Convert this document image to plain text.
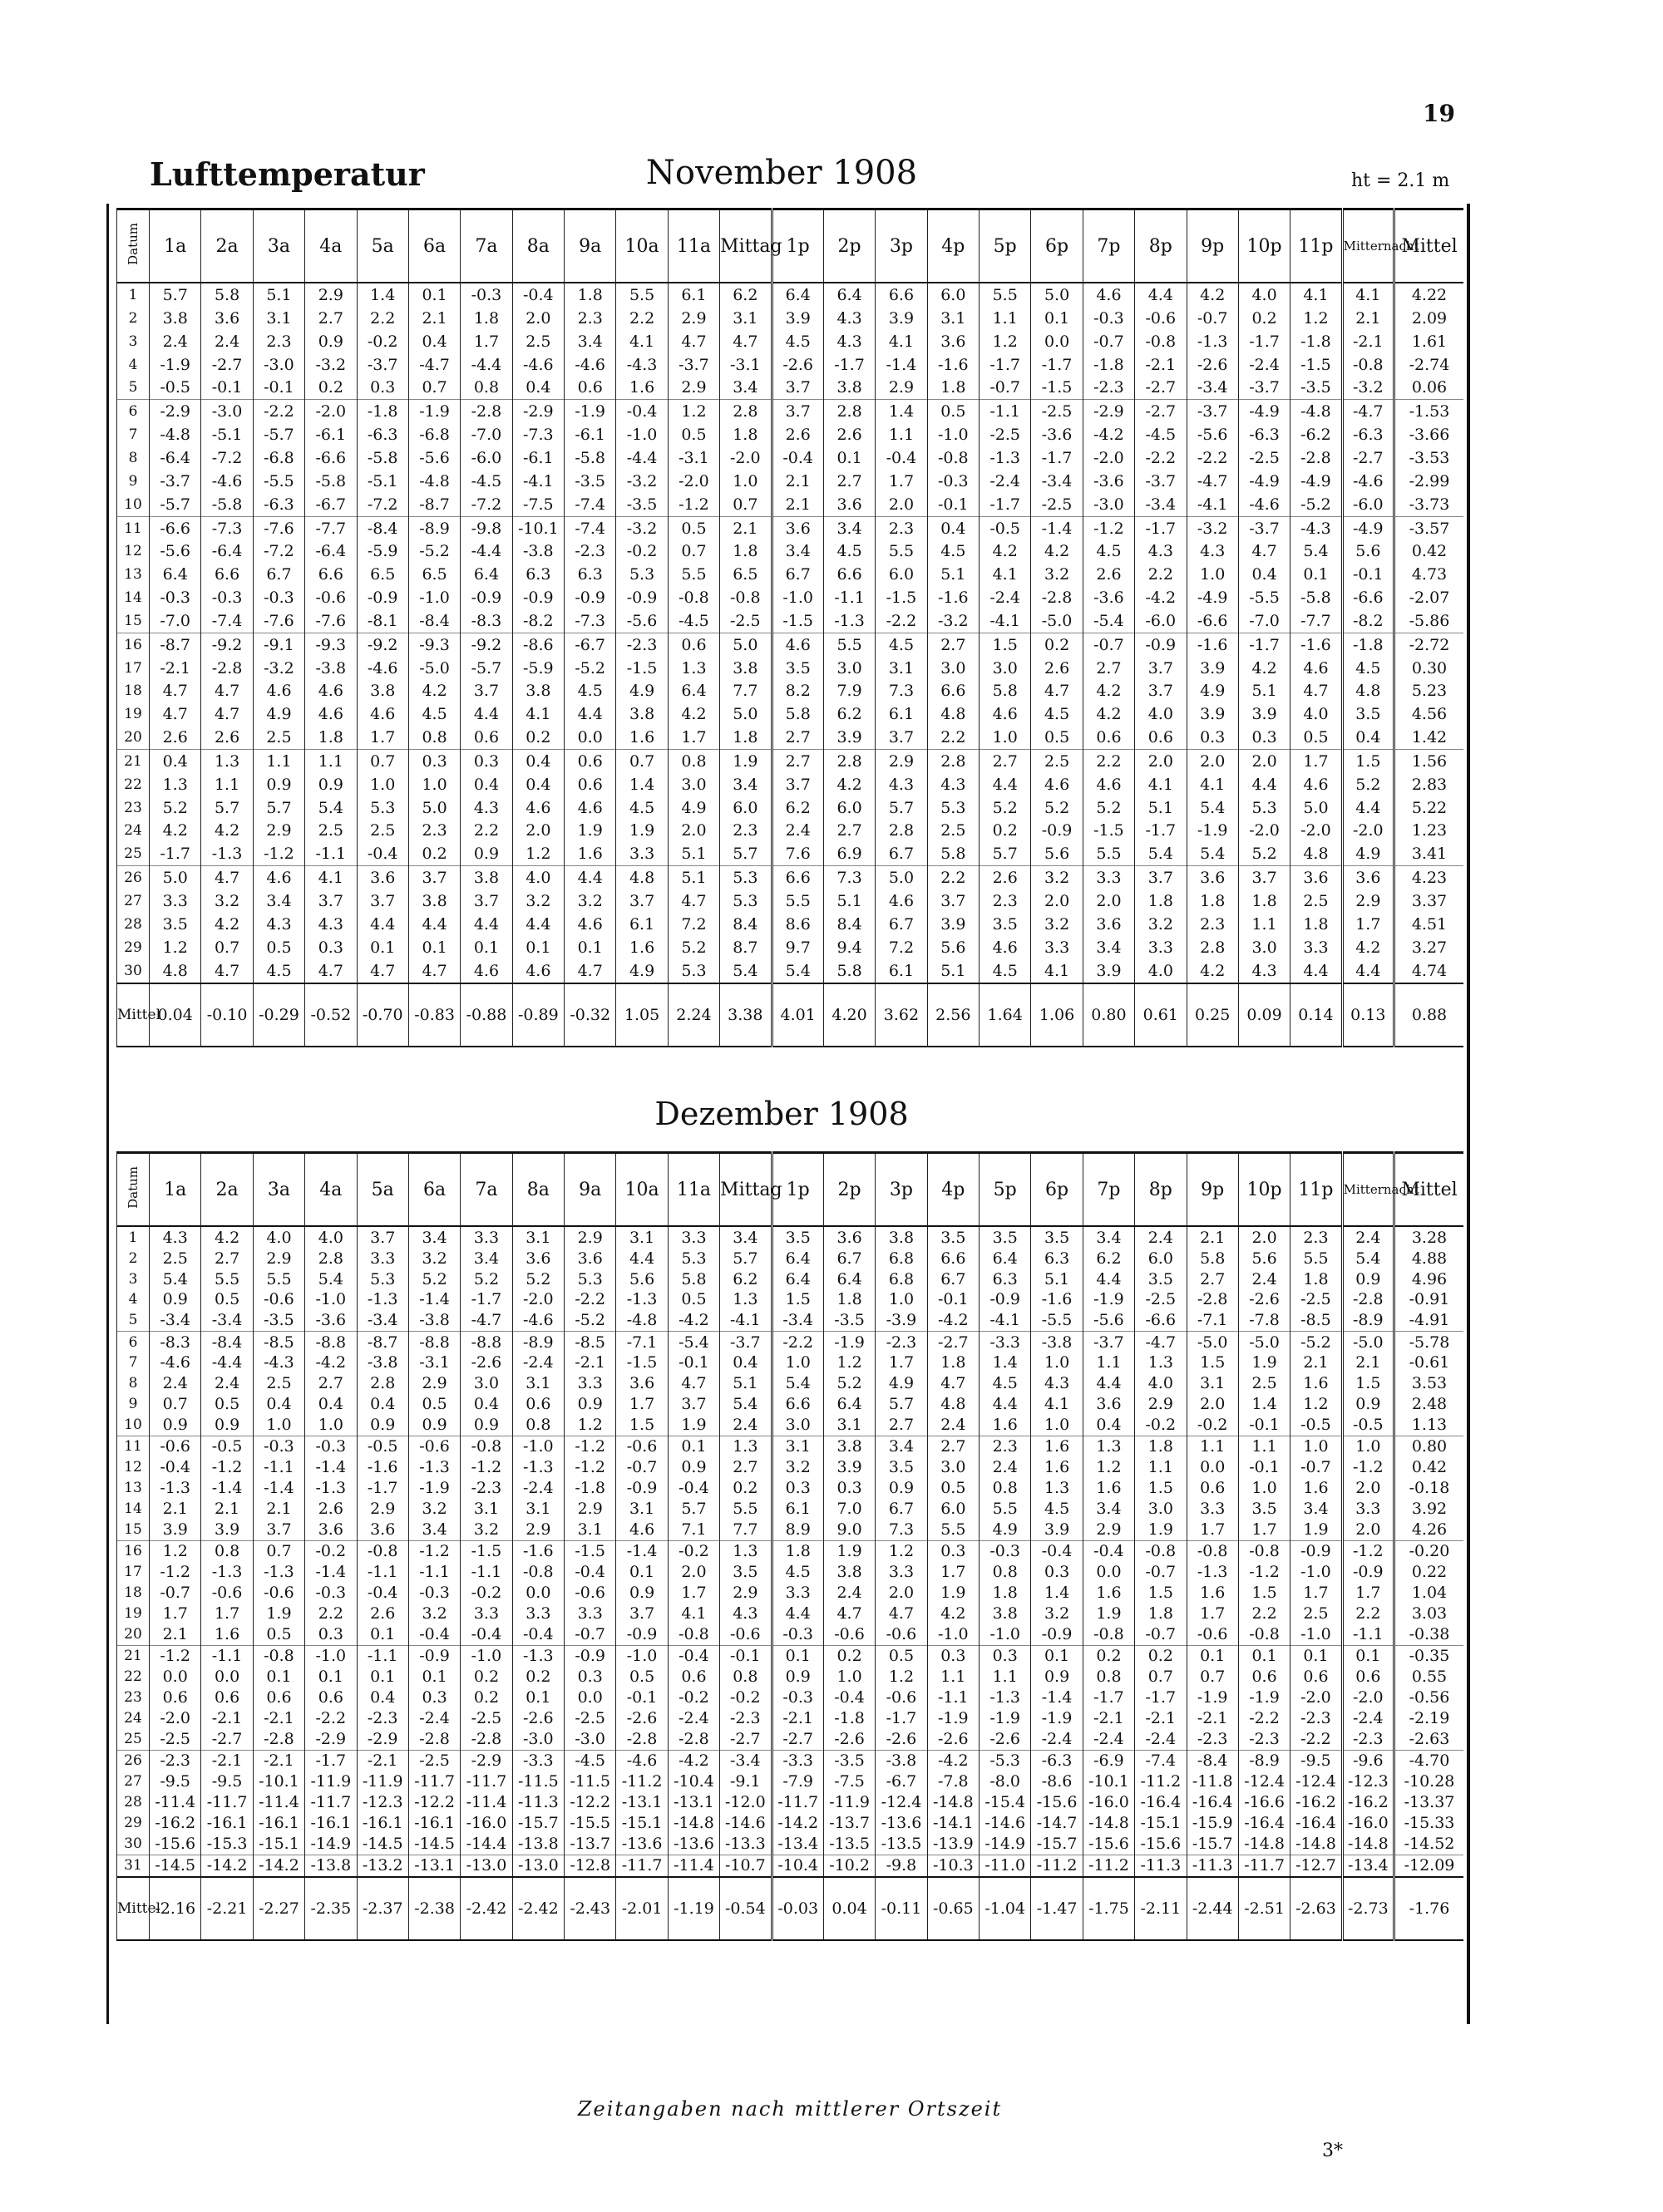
19
Lufttemperatur	November 1908	ht = 2.1 m
Datum	1a	2a	3a	4a	5a	6a	7a	8a	9a	10a	11a	Mittag	1p	2p	3p	4p	5p	6p	7p	8p	9p	10p	11p	Mitternacht	Mittel
1	5.7	5.8	5.1	2.9	1.4	0.1	-0.3	-0.4	1.8	5.5	6.1	6.2	6.4	6.4	6.6	6.0	5.5	5.0	4.6	4.4	4.2	4.0	4.1	4.1	4.22
2	3.8	3.6	3.1	2.7	2.2	2.1	1.8	2.0	2.3	2.2	2.9	3.1	3.9	4.3	3.9	3.1	1.1	0.1	-0.3	-0.6	-0.7	0.2	1.2	2.1	2.09
3	2.4	2.4	2.3	0.9	-0.2	0.4	1.7	2.5	3.4	4.1	4.7	4.7	4.5	4.3	4.1	3.6	1.2	0.0	-0.7	-0.8	-1.3	-1.7	-1.8	-2.1	1.61
4	-1.9	-2.7	-3.0	-3.2	-3.7	-4.7	-4.4	-4.6	-4.6	-4.3	-3.7	-3.1	-2.6	-1.7	-1.4	-1.6	-1.7	-1.7	-1.8	-2.1	-2.6	-2.4	-1.5	-0.8	-2.74
5	-0.5	-0.1	-0.1	0.2	0.3	0.7	0.8	0.4	0.6	1.6	2.9	3.4	3.7	3.8	2.9	1.8	-0.7	-1.5	-2.3	-2.7	-3.4	-3.7	-3.5	-3.2	0.06
6	-2.9	-3.0	-2.2	-2.0	-1.8	-1.9	-2.8	-2.9	-1.9	-0.4	1.2	2.8	3.7	2.8	1.4	0.5	-1.1	-2.5	-2.9	-2.7	-3.7	-4.9	-4.8	-4.7	-1.53
7	-4.8	-5.1	-5.7	-6.1	-6.3	-6.8	-7.0	-7.3	-6.1	-1.0	0.5	1.8	2.6	2.6	1.1	-1.0	-2.5	-3.6	-4.2	-4.5	-5.6	-6.3	-6.2	-6.3	-3.66
8	-6.4	-7.2	-6.8	-6.6	-5.8	-5.6	-6.0	-6.1	-5.8	-4.4	-3.1	-2.0	-0.4	0.1	-0.4	-0.8	-1.3	-1.7	-2.0	-2.2	-2.2	-2.5	-2.8	-2.7	-3.53
9	-3.7	-4.6	-5.5	-5.8	-5.1	-4.8	-4.5	-4.1	-3.5	-3.2	-2.0	1.0	2.1	2.7	1.7	-0.3	-2.4	-3.4	-3.6	-3.7	-4.7	-4.9	-4.9	-4.6	-2.99
10	-5.7	-5.8	-6.3	-6.7	-7.2	-8.7	-7.2	-7.5	-7.4	-3.5	-1.2	0.7	2.1	3.6	2.0	-0.1	-1.7	-2.5	-3.0	-3.4	-4.1	-4.6	-5.2	-6.0	-3.73
11	-6.6	-7.3	-7.6	-7.7	-8.4	-8.9	-9.8	-10.1	-7.4	-3.2	0.5	2.1	3.6	3.4	2.3	0.4	-0.5	-1.4	-1.2	-1.7	-3.2	-3.7	-4.3	-4.9	-3.57
12	-5.6	-6.4	-7.2	-6.4	-5.9	-5.2	-4.4	-3.8	-2.3	-0.2	0.7	1.8	3.4	4.5	5.5	4.5	4.2	4.2	4.5	4.3	4.3	4.7	5.4	5.6	0.42
13	6.4	6.6	6.7	6.6	6.5	6.5	6.4	6.3	6.3	5.3	5.5	6.5	6.7	6.6	6.0	5.1	4.1	3.2	2.6	2.2	1.0	0.4	0.1	-0.1	4.73
14	-0.3	-0.3	-0.3	-0.6	-0.9	-1.0	-0.9	-0.9	-0.9	-0.9	-0.8	-0.8	-1.0	-1.1	-1.5	-1.6	-2.4	-2.8	-3.6	-4.2	-4.9	-5.5	-5.8	-6.6	-2.07
15	-7.0	-7.4	-7.6	-7.6	-8.1	-8.4	-8.3	-8.2	-7.3	-5.6	-4.5	-2.5	-1.5	-1.3	-2.2	-3.2	-4.1	-5.0	-5.4	-6.0	-6.6	-7.0	-7.7	-8.2	-5.86
16	-8.7	-9.2	-9.1	-9.3	-9.2	-9.3	-9.2	-8.6	-6.7	-2.3	0.6	5.0	4.6	5.5	4.5	2.7	1.5	0.2	-0.7	-0.9	-1.6	-1.7	-1.6	-1.8	-2.72
17	-2.1	-2.8	-3.2	-3.8	-4.6	-5.0	-5.7	-5.9	-5.2	-1.5	1.3	3.8	3.5	3.0	3.1	3.0	3.0	2.6	2.7	3.7	3.9	4.2	4.6	4.5	0.30
18	4.7	4.7	4.6	4.6	3.8	4.2	3.7	3.8	4.5	4.9	6.4	7.7	8.2	7.9	7.3	6.6	5.8	4.7	4.2	3.7	4.9	5.1	4.7	4.8	5.23
19	4.7	4.7	4.9	4.6	4.6	4.5	4.4	4.1	4.4	3.8	4.2	5.0	5.8	6.2	6.1	4.8	4.6	4.5	4.2	4.0	3.9	3.9	4.0	3.5	4.56
20	2.6	2.6	2.5	1.8	1.7	0.8	0.6	0.2	0.0	1.6	1.7	1.8	2.7	3.9	3.7	2.2	1.0	0.5	0.6	0.6	0.3	0.3	0.5	0.4	1.42
21	0.4	1.3	1.1	1.1	0.7	0.3	0.3	0.4	0.6	0.7	0.8	1.9	2.7	2.8	2.9	2.8	2.7	2.5	2.2	2.0	2.0	2.0	1.7	1.5	1.56
22	1.3	1.1	0.9	0.9	1.0	1.0	0.4	0.4	0.6	1.4	3.0	3.4	3.7	4.2	4.3	4.3	4.4	4.6	4.6	4.1	4.1	4.4	4.6	5.2	2.83
23	5.2	5.7	5.7	5.4	5.3	5.0	4.3	4.6	4.6	4.5	4.9	6.0	6.2	6.0	5.7	5.3	5.2	5.2	5.2	5.1	5.4	5.3	5.0	4.4	5.22
24	4.2	4.2	2.9	2.5	2.5	2.3	2.2	2.0	1.9	1.9	2.0	2.3	2.4	2.7	2.8	2.5	0.2	-0.9	-1.5	-1.7	-1.9	-2.0	-2.0	-2.0	1.23
25	-1.7	-1.3	-1.2	-1.1	-0.4	0.2	0.9	1.2	1.6	3.3	5.1	5.7	7.6	6.9	6.7	5.8	5.7	5.6	5.5	5.4	5.4	5.2	4.8	4.9	3.41
26	5.0	4.7	4.6	4.1	3.6	3.7	3.8	4.0	4.4	4.8	5.1	5.3	6.6	7.3	5.0	2.2	2.6	3.2	3.3	3.7	3.6	3.7	3.6	3.6	4.23
27	3.3	3.2	3.4	3.7	3.7	3.8	3.7	3.2	3.2	3.7	4.7	5.3	5.5	5.1	4.6	3.7	2.3	2.0	2.0	1.8	1.8	1.8	2.5	2.9	3.37
28	3.5	4.2	4.3	4.3	4.4	4.4	4.4	4.4	4.6	6.1	7.2	8.4	8.6	8.4	6.7	3.9	3.5	3.2	3.6	3.2	2.3	1.1	1.8	1.7	4.51
29	1.2	0.7	0.5	0.3	0.1	0.1	0.1	0.1	0.1	1.6	5.2	8.7	9.7	9.4	7.2	5.6	4.6	3.3	3.4	3.3	2.8	3.0	3.3	4.2	3.27
30	4.8	4.7	4.5	4.7	4.7	4.7	4.6	4.6	4.7	4.9	5.3	5.4	5.4	5.8	6.1	5.1	4.5	4.1	3.9	4.0	4.2	4.3	4.4	4.4	4.74
Mittel	0.04	-0.10	-0.29	-0.52	-0.70	-0.83	-0.88	-0.89	-0.32	1.05	2.24	3.38	4.01	4.20	3.62	2.56	1.64	1.06	0.80	0.61	0.25	0.09	0.14	0.13	0.88
Dezember 1908
Datum	1a	2a	3a	4a	5a	6a	7a	8a	9a	10a	11a	Mittag	1p	2p	3p	4p	5p	6p	7p	8p	9p	10p	11p	Mitternacht	Mittel
1	4.3	4.2	4.0	4.0	3.7	3.4	3.3	3.1	2.9	3.1	3.3	3.4	3.5	3.6	3.8	3.5	3.5	3.5	3.4	2.4	2.1	2.0	2.3	2.4	3.28
2	2.5	2.7	2.9	2.8	3.3	3.2	3.4	3.6	3.6	4.4	5.3	5.7	6.4	6.7	6.8	6.6	6.4	6.3	6.2	6.0	5.8	5.6	5.5	5.4	4.88
3	5.4	5.5	5.5	5.4	5.3	5.2	5.2	5.2	5.3	5.6	5.8	6.2	6.4	6.4	6.8	6.7	6.3	5.1	4.4	3.5	2.7	2.4	1.8	0.9	4.96
4	0.9	0.5	-0.6	-1.0	-1.3	-1.4	-1.7	-2.0	-2.2	-1.3	0.5	1.3	1.5	1.8	1.0	-0.1	-0.9	-1.6	-1.9	-2.5	-2.8	-2.6	-2.5	-2.8	-0.91
5	-3.4	-3.4	-3.5	-3.6	-3.4	-3.8	-4.7	-4.6	-5.2	-4.8	-4.2	-4.1	-3.4	-3.5	-3.9	-4.2	-4.1	-5.5	-5.6	-6.6	-7.1	-7.8	-8.5	-8.9	-4.91
6	-8.3	-8.4	-8.5	-8.8	-8.7	-8.8	-8.8	-8.9	-8.5	-7.1	-5.4	-3.7	-2.2	-1.9	-2.3	-2.7	-3.3	-3.8	-3.7	-4.7	-5.0	-5.0	-5.2	-5.0	-5.78
7	-4.6	-4.4	-4.3	-4.2	-3.8	-3.1	-2.6	-2.4	-2.1	-1.5	-0.1	0.4	1.0	1.2	1.7	1.8	1.4	1.0	1.1	1.3	1.5	1.9	2.1	2.1	-0.61
8	2.4	2.4	2.5	2.7	2.8	2.9	3.0	3.1	3.3	3.6	4.7	5.1	5.4	5.2	4.9	4.7	4.5	4.3	4.4	4.0	3.1	2.5	1.6	1.5	3.53
9	0.7	0.5	0.4	0.4	0.4	0.5	0.4	0.6	0.9	1.7	3.7	5.4	6.6	6.4	5.7	4.8	4.4	4.1	3.6	2.9	2.0	1.4	1.2	0.9	2.48
10	0.9	0.9	1.0	1.0	0.9	0.9	0.9	0.8	1.2	1.5	1.9	2.4	3.0	3.1	2.7	2.4	1.6	1.0	0.4	-0.2	-0.2	-0.1	-0.5	-0.5	1.13
11	-0.6	-0.5	-0.3	-0.3	-0.5	-0.6	-0.8	-1.0	-1.2	-0.6	0.1	1.3	3.1	3.8	3.4	2.7	2.3	1.6	1.3	1.8	1.1	1.1	1.0	1.0	0.80
12	-0.4	-1.2	-1.1	-1.4	-1.6	-1.3	-1.2	-1.3	-1.2	-0.7	0.9	2.7	3.2	3.9	3.5	3.0	2.4	1.6	1.2	1.1	0.0	-0.1	-0.7	-1.2	0.42
13	-1.3	-1.4	-1.4	-1.3	-1.7	-1.9	-2.3	-2.4	-1.8	-0.9	-0.4	0.2	0.3	0.3	0.9	0.5	0.8	1.3	1.6	1.5	0.6	1.0	1.6	2.0	-0.18
14	2.1	2.1	2.1	2.6	2.9	3.2	3.1	3.1	2.9	3.1	5.7	5.5	6.1	7.0	6.7	6.0	5.5	4.5	3.4	3.0	3.3	3.5	3.4	3.3	3.92
15	3.9	3.9	3.7	3.6	3.6	3.4	3.2	2.9	3.1	4.6	7.1	7.7	8.9	9.0	7.3	5.5	4.9	3.9	2.9	1.9	1.7	1.7	1.9	2.0	4.26
16	1.2	0.8	0.7	-0.2	-0.8	-1.2	-1.5	-1.6	-1.5	-1.4	-0.2	1.3	1.8	1.9	1.2	0.3	-0.3	-0.4	-0.4	-0.8	-0.8	-0.8	-0.9	-1.2	-0.20
17	-1.2	-1.3	-1.3	-1.4	-1.1	-1.1	-1.1	-0.8	-0.4	0.1	2.0	3.5	4.5	3.8	3.3	1.7	0.8	0.3	0.0	-0.7	-1.3	-1.2	-1.0	-0.9	0.22
18	-0.7	-0.6	-0.6	-0.3	-0.4	-0.3	-0.2	0.0	-0.6	0.9	1.7	2.9	3.3	2.4	2.0	1.9	1.8	1.4	1.6	1.5	1.6	1.5	1.7	1.7	1.04
19	1.7	1.7	1.9	2.2	2.6	3.2	3.3	3.3	3.3	3.7	4.1	4.3	4.4	4.7	4.7	4.2	3.8	3.2	1.9	1.8	1.7	2.2	2.5	2.2	3.03
20	2.1	1.6	0.5	0.3	0.1	-0.4	-0.4	-0.4	-0.7	-0.9	-0.8	-0.6	-0.3	-0.6	-0.6	-1.0	-1.0	-0.9	-0.8	-0.7	-0.6	-0.8	-1.0	-1.1	-0.38
21	-1.2	-1.1	-0.8	-1.0	-1.1	-0.9	-1.0	-1.3	-0.9	-1.0	-0.4	-0.1	0.1	0.2	0.5	0.3	0.3	0.1	0.2	0.2	0.1	0.1	0.1	0.1	-0.35
22	0.0	0.0	0.1	0.1	0.1	0.1	0.2	0.2	0.3	0.5	0.6	0.8	0.9	1.0	1.2	1.1	1.1	0.9	0.8	0.7	0.7	0.6	0.6	0.6	0.55
23	0.6	0.6	0.6	0.6	0.4	0.3	0.2	0.1	0.0	-0.1	-0.2	-0.2	-0.3	-0.4	-0.6	-1.1	-1.3	-1.4	-1.7	-1.7	-1.9	-1.9	-2.0	-2.0	-0.56
24	-2.0	-2.1	-2.1	-2.2	-2.3	-2.4	-2.5	-2.6	-2.5	-2.6	-2.4	-2.3	-2.1	-1.8	-1.7	-1.9	-1.9	-1.9	-2.1	-2.1	-2.1	-2.2	-2.3	-2.4	-2.19
25	-2.5	-2.7	-2.8	-2.9	-2.9	-2.8	-2.8	-3.0	-3.0	-2.8	-2.8	-2.7	-2.7	-2.6	-2.6	-2.6	-2.6	-2.4	-2.4	-2.4	-2.3	-2.3	-2.2	-2.3	-2.63
26	-2.3	-2.1	-2.1	-1.7	-2.1	-2.5	-2.9	-3.3	-4.5	-4.6	-4.2	-3.4	-3.3	-3.5	-3.8	-4.2	-5.3	-6.3	-6.9	-7.4	-8.4	-8.9	-9.5	-9.6	-4.70
27	-9.5	-9.5	-10.1	-11.9	-11.9	-11.7	-11.7	-11.5	-11.5	-11.2	-10.4	-9.1	-7.9	-7.5	-6.7	-7.8	-8.0	-8.6	-10.1	-11.2	-11.8	-12.4	-12.4	-12.3	-10.28
28	-11.4	-11.7	-11.4	-11.7	-12.3	-12.2	-11.4	-11.3	-12.2	-13.1	-13.1	-12.0	-11.7	-11.9	-12.4	-14.8	-15.4	-15.6	-16.0	-16.4	-16.4	-16.6	-16.2	-16.2	-13.37
29	-16.2	-16.1	-16.1	-16.1	-16.1	-16.1	-16.0	-15.7	-15.5	-15.1	-14.8	-14.6	-14.2	-13.7	-13.6	-14.1	-14.6	-14.7	-14.8	-15.1	-15.9	-16.4	-16.4	-16.0	-15.33
30	-15.6	-15.3	-15.1	-14.9	-14.5	-14.5	-14.4	-13.8	-13.7	-13.6	-13.6	-13.3	-13.4	-13.5	-13.5	-13.9	-14.9	-15.7	-15.6	-15.6	-15.7	-14.8	-14.8	-14.8	-14.52
31	-14.5	-14.2	-14.2	-13.8	-13.2	-13.1	-13.0	-13.0	-12.8	-11.7	-11.4	-10.7	-10.4	-10.2	-9.8	-10.3	-11.0	-11.2	-11.2	-11.3	-11.3	-11.7	-12.7	-13.4	-12.09
Mittel	-2.16	-2.21	-2.27	-2.35	-2.37	-2.38	-2.42	-2.42	-2.43	-2.01	-1.19	-0.54	-0.03	0.04	-0.11	-0.65	-1.04	-1.47	-1.75	-2.11	-2.44	-2.51	-2.63	-2.73	-1.76
Zeitangaben nach mittlerer Ortszeit
3*
